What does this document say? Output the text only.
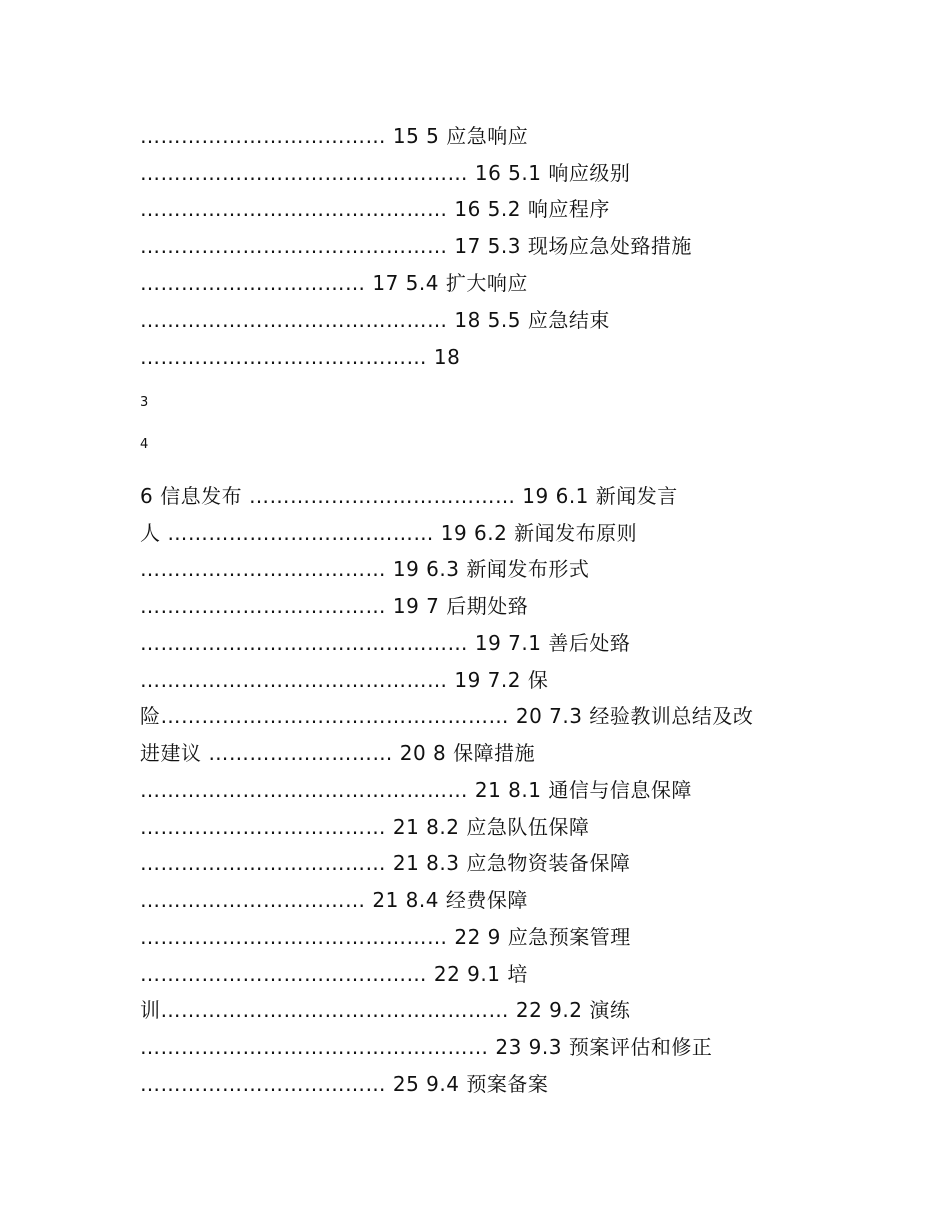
……………………………… 15 5 应急响应
………………………………………… 16 5.1 响应级别
……………………………………… 16 5.2 响应程序
……………………………………… 17 5.3 现场应急处臵措施
…………………………… 17 5.4 扩大响应
……………………………………… 18 5.5 应急结束
…………………………………… 18
3
4
6 信息发布 ………………………………… 19 6.1 新闻发言
人 ………………………………… 19 6.2 新闻发布原则
……………………………… 19 6.3 新闻发布形式
……………………………… 19 7 后期处臵
………………………………………… 19 7.1 善后处臵
……………………………………… 19 7.2 保
险…………………………………………… 20 7.3 经验教训总结及改
进建议 ……………………… 20 8 保障措施
………………………………………… 21 8.1 通信与信息保障
……………………………… 21 8.2 应急队伍保障
……………………………… 21 8.3 应急物资装备保障
…………………………… 21 8.4 经费保障
……………………………………… 22 9 应急预案管理
…………………………………… 22 9.1 培
训…………………………………………… 22 9.2 演练
…………………………………………… 23 9.3 预案评估和修正
……………………………… 25 9.4 预案备案
